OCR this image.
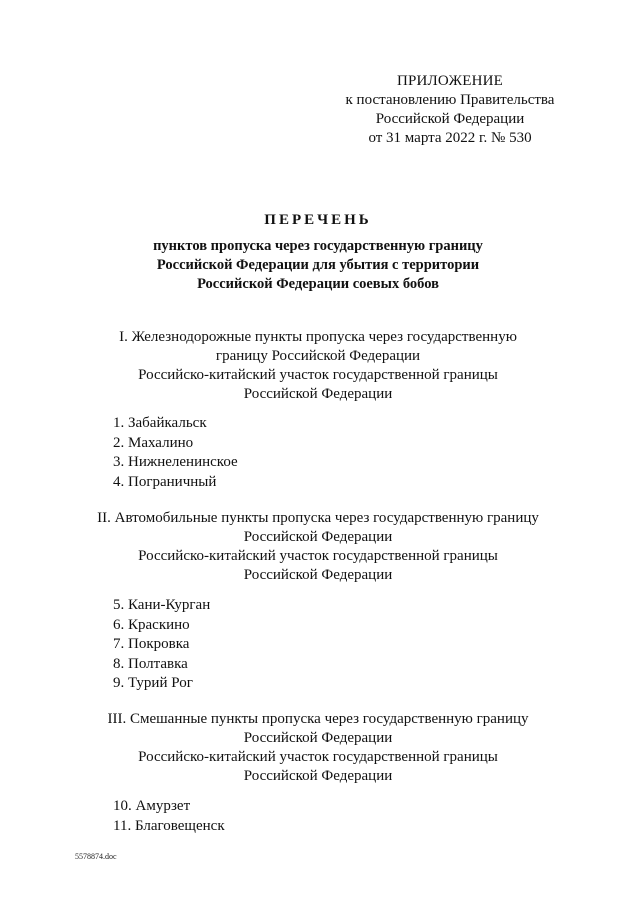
ПРИЛОЖЕНИЕ
к постановлению Правительства
Российской Федерации
от 31 марта 2022 г. № 530
ПЕРЕЧЕНЬ
пунктов пропуска через государственную границу
Российской Федерации для убытия с территории
Российской Федерации соевых бобов
I. Железнодорожные пункты пропуска через государственную
границу Российской Федерации
Российско-китайский участок государственной границы
Российской Федерации
1. Забайкальск
2. Махалино
3. Нижнеленинское
4. Пограничный
II. Автомобильные пункты пропуска через государственную границу
Российской Федерации
Российско-китайский участок государственной границы
Российской Федерации
5. Кани-Курган
6. Краскино
7. Покровка
8. Полтавка
9. Турий Рог
III. Смешанные пункты пропуска через государственную границу
Российской Федерации
Российско-китайский участок государственной границы
Российской Федерации
10. Амурзет
11. Благовещенск
5578874.doc
